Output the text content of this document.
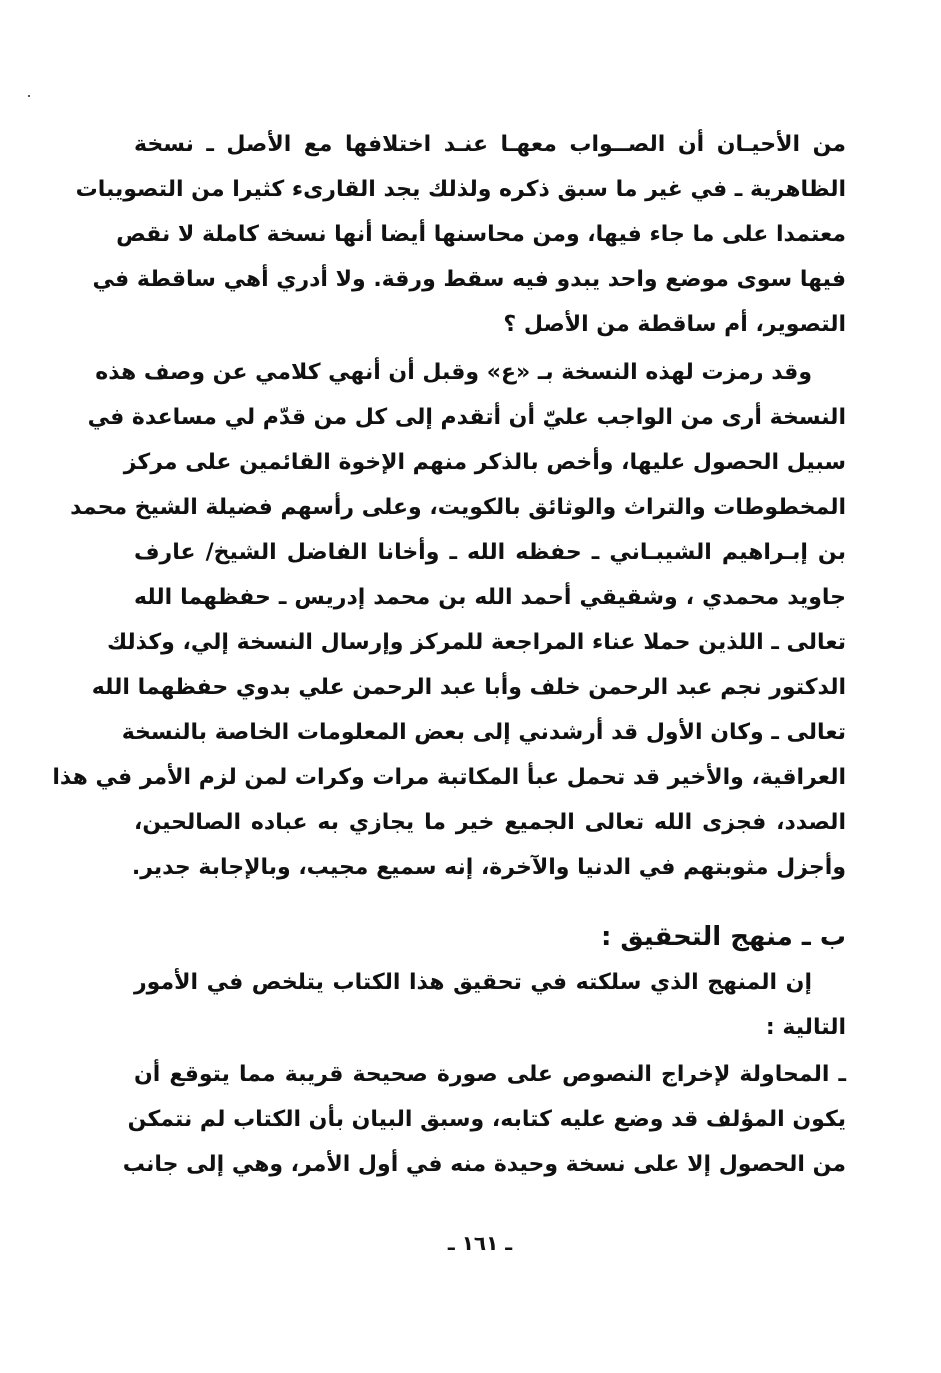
من الأحيـان أن الصــواب معهـا عنـد اختلافها مع الأصل ـ نسخة
الظاهرية ـ في غير ما سبق ذكره ولذلك يجد القارىء كثيرا من التصويبات
معتمدا على ما جاء فيها، ومن محاسنها أيضا أنها نسخة كاملة لا نقص
فيها سوى موضع واحد يبدو فيه سقط ورقة. ولا أدري أهي ساقطة في
التصوير، أم ساقطة من الأصل ؟
وقد رمزت لهذه النسخة بـ «ع» وقبل أن أنهي كلامي عن وصف هذه
النسخة أرى من الواجب عليّ أن أتقدم إلى كل من قدّم لي مساعدة في
سبيل الحصول عليها، وأخص بالذكر منهم الإخوة القائمين على مركز
المخطوطات والتراث والوثائق بالكويت، وعلى رأسهم فضيلة الشيخ محمد
بن إبـراهيم الشيبـاني ـ حفظه الله ـ وأخانا الفاضل الشيخ/ عارف
جاويد محمدي ، وشقيقي أحمد الله بن محمد إدريس ـ حفظهما الله
تعالى ـ اللذين حملا عناء المراجعة للمركز وإرسال النسخة إلي، وكذلك
الدكتور نجم عبد الرحمن خلف وأبا عبد الرحمن علي بدوي حفظهما الله
تعالى ـ وكان الأول قد أرشدني إلى بعض المعلومات الخاصة بالنسخة
العراقية، والأخير قد تحمل عبأ المكاتبة مرات وكرات لمن لزم الأمر في هذا
الصدد، فجزى الله تعالى الجميع خير ما يجازي به عباده الصالحين،
وأجزل مثوبتهم في الدنيا والآخرة، إنه سميع مجيب، وبالإجابة جدير.
ب ـ منهج التحقيق :
إن المنهج الذي سلكته في تحقيق هذا الكتاب يتلخص في الأمور
التالية :
ـ المحاولة لإخراج النصوص على صورة صحيحة قريبة مما يتوقع أن
يكون المؤلف قد وضع عليه كتابه، وسبق البيان بأن الكتاب لم نتمكن
من الحصول إلا على نسخة وحيدة منه في أول الأمر، وهي إلى جانب
ـ ١٦١ ـ
